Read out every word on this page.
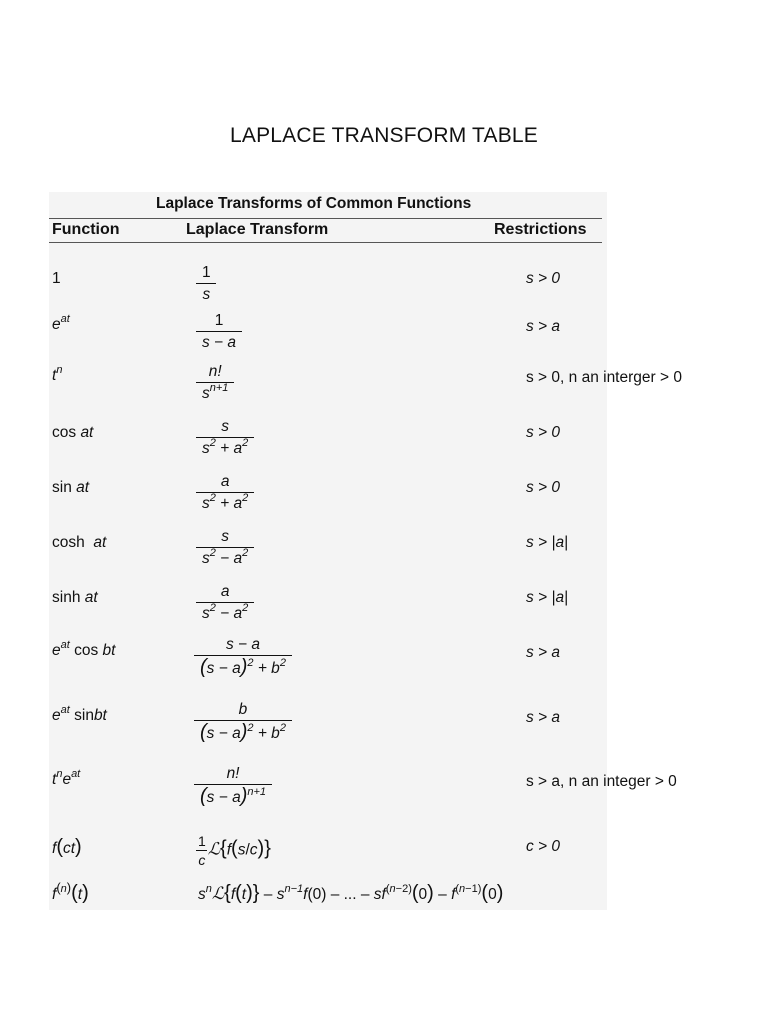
LAPLACE TRANSFORM TABLE
Laplace Transforms of Common Functions
Function	Laplace Transform	Restrictions
1	$\frac{1}{s}$	s > 0
$e^{at}$	$\frac{1}{s - a}$	s > a
$t^n$	$\frac{n!}{s^{n+1}}$	s > 0, n an interger > 0
cos at	$\frac{s}{s^2 + a^2}$	s > 0
sin at	$\frac{a}{s^2 + a^2}$	s > 0
cosh  at	$\frac{s}{s^2 - a^2}$	s > |a|
sinh at	$\frac{a}{s^2 - a^2}$	s > |a|
$e^{at}$ cos bt	$\frac{s - a}{(s - a)^2 + b^2}$	s > a
$e^{at}$ sinbt	$\frac{b}{(s - a)^2 + b^2}$	s > a
$t^ne^{at}$	$\frac{n!}{(s - a)^{n+1}}$	s > a, n an integer > 0
f(ct)	$\frac{1}{c}$ ℒ{f(s/c)}	c > 0
$f^{(n)}(t)$	$s^nℒ\{f(t)\} - s^{n-1}f(0)$ – ... – $sf^{(n-2)}(0) - f^{(n-1)}(0)$
